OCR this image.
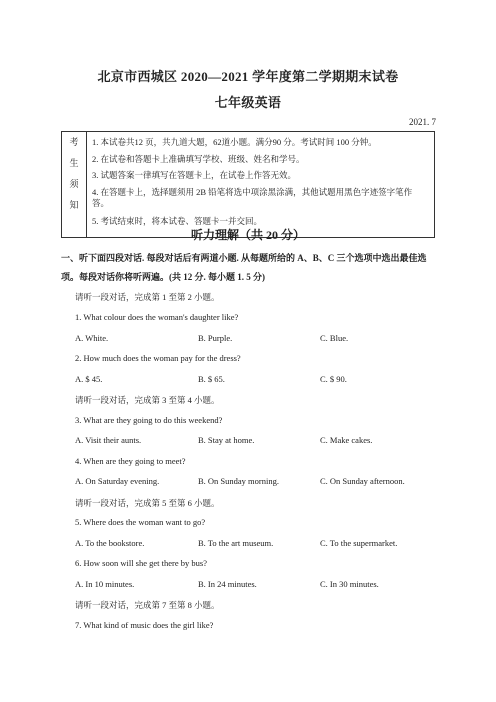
北京市西城区 2020—2021 学年度第二学期期末试卷
七年级英语
2021. 7
考
生
须
知

1. 本试卷共12 页，共九道大题，62道小题。满分90 分。考试时间 100 分钟。
2. 在试卷和答题卡上准确填写学校、班级、姓名和学号。
3. 试题答案一律填写在答题卡上，在试卷上作答无效。
4. 在答题卡上，选择题须用 2B 铅笔将选中项涂黑涂满，其他试题用黑色字迹签字笔作答。
5. 考试结束时，将本试卷、答题卡一并交回。
听力理解（共 20 分）
一、听下面四段对话. 每段对话后有两道小题. 从每题所给的 A、B、C 三个选项中选出最佳选项。每段对话你将听两遍。(共 12 分. 每小题 1. 5 分)
请听一段对话，完成第 1 至第 2 小题。
1. What colour does the woman's daughter like?
A. White.	B. Purple.	C. Blue.
2. How much does the woman pay for the dress?
A. $ 45.	B. $ 65.	C. $ 90.
请听一段对话，完成第 3 至第 4 小题。
3. What are they going to do this weekend?
A. Visit their aunts.	B. Stay at home.	C. Make cakes.
4. When are they going to meet?
A. On Saturday evening.	B. On Sunday morning.	C. On Sunday afternoon.
请听一段对话，完成第 5 至第 6 小题。
5. Where does the woman want to go?
A. To the bookstore.	B. To the art museum.	C. To the supermarket.
6. How soon will she get there by bus?
A. In 10 minutes.	B. In 24 minutes.	C. In 30 minutes.
请听一段对话，完成第 7 至第 8 小题。
7. What kind of music does the girl like?
